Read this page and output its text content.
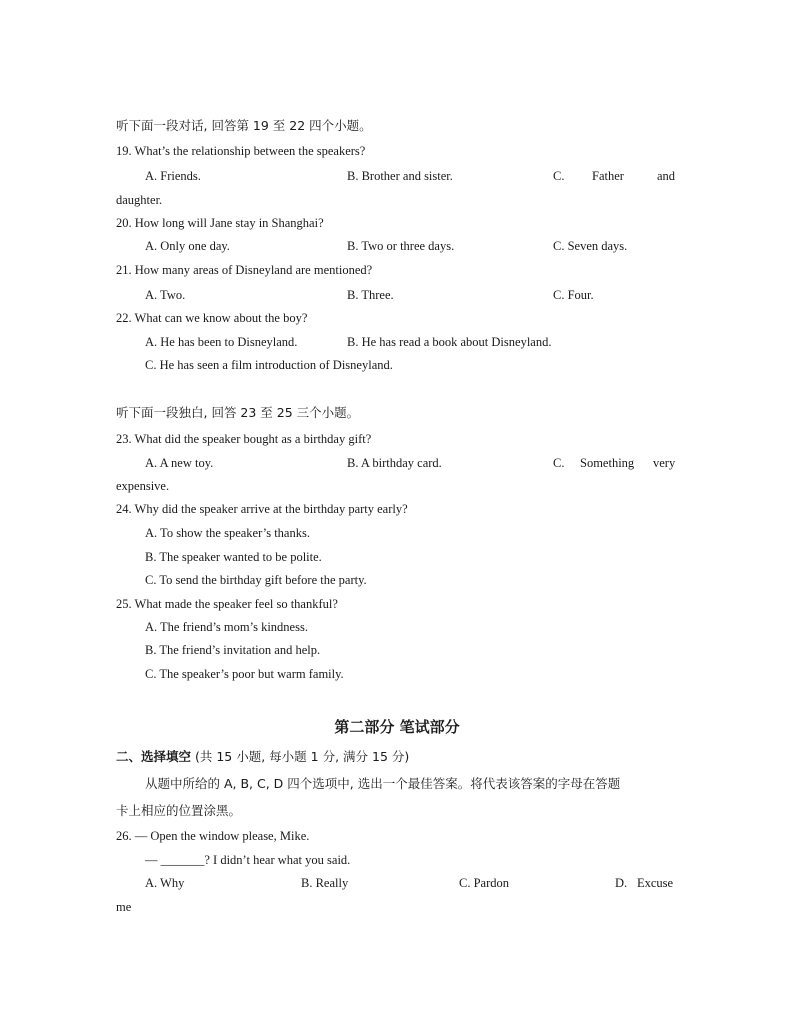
听下面一段对话, 回答第 19 至 22 四个小题。
19. What’s the relationship between the speakers?
A. Friends.	B. Brother and sister.	C. Father	and
daughter.
20. How long will Jane stay in Shanghai?
A. Only one day.	B. Two or three days.	C. Seven days.
21. How many areas of Disneyland are mentioned?
A. Two.	B. Three.	C. Four.
22. What can we know about the boy?
A. He has been to Disneyland.	B. He has read a book about Disneyland.
C. He has seen a film introduction of Disneyland.
听下面一段独白, 回答 23 至 25 三个小题。
23. What did the speaker bought as a birthday gift?
A. A new toy.	B. A birthday card.	C. Something very
expensive.
24. Why did the speaker arrive at the birthday party early?
A. To show the speaker’s thanks.
B. The speaker wanted to be polite.
C. To send the birthday gift before the party.
25. What made the speaker feel so thankful?
A. The friend’s mom’s kindness.
B. The friend’s invitation and help.
C. The speaker’s poor but warm family.
第二部分 笔试部分
二、选择填空 (共 15 小题, 每小题 1 分, 满分 15 分)
从题中所给的 A, B, C, D 四个选项中, 选出一个最佳答案。将代表该答案的字母在答题
卡上相应的位置涂黑。
26. — Open the window please, Mike.
— _______? I didn’t hear what you said.
A. Why	B. Really	C. Pardon	D. Excuse
me
